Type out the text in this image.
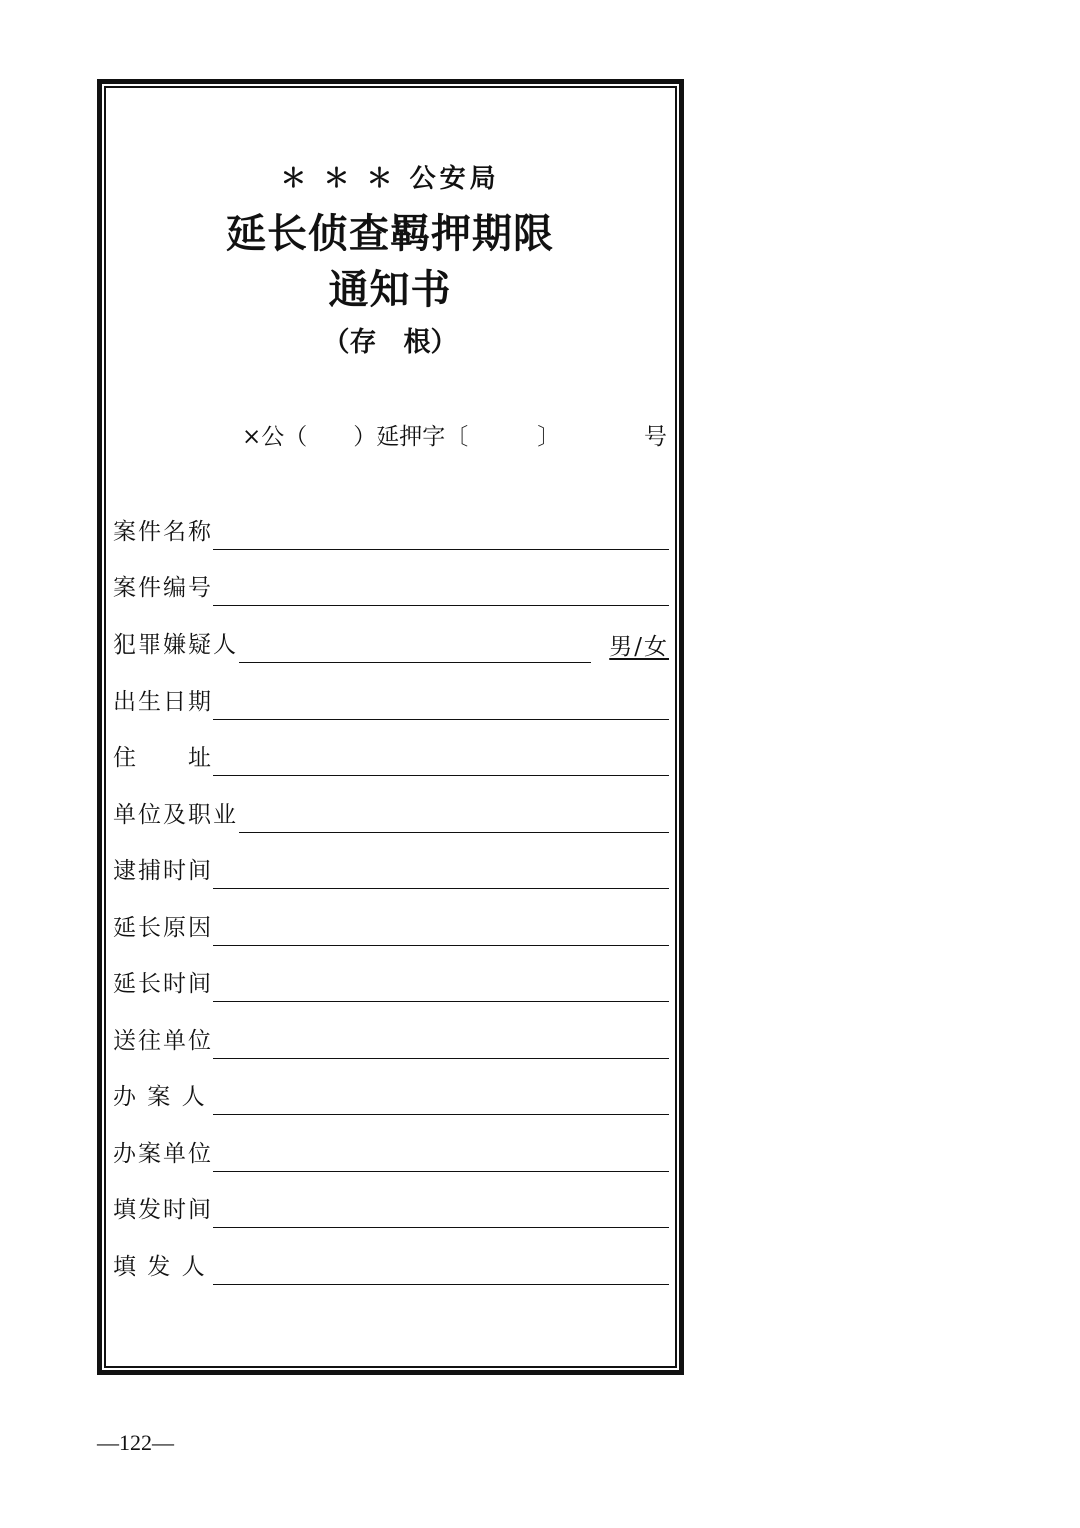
＊ ＊ ＊ 公安局
延长侦查羁押期限
通知书
（存　根）
×公（　　）延押字〔　　　〕	号
案件名称
案件编号
犯罪嫌疑人	男/女
出生日期
住　　址
单位及职业
逮捕时间
延长原因
延长时间
送往单位
办 案 人
办案单位
填发时间
填 发 人
—122—
